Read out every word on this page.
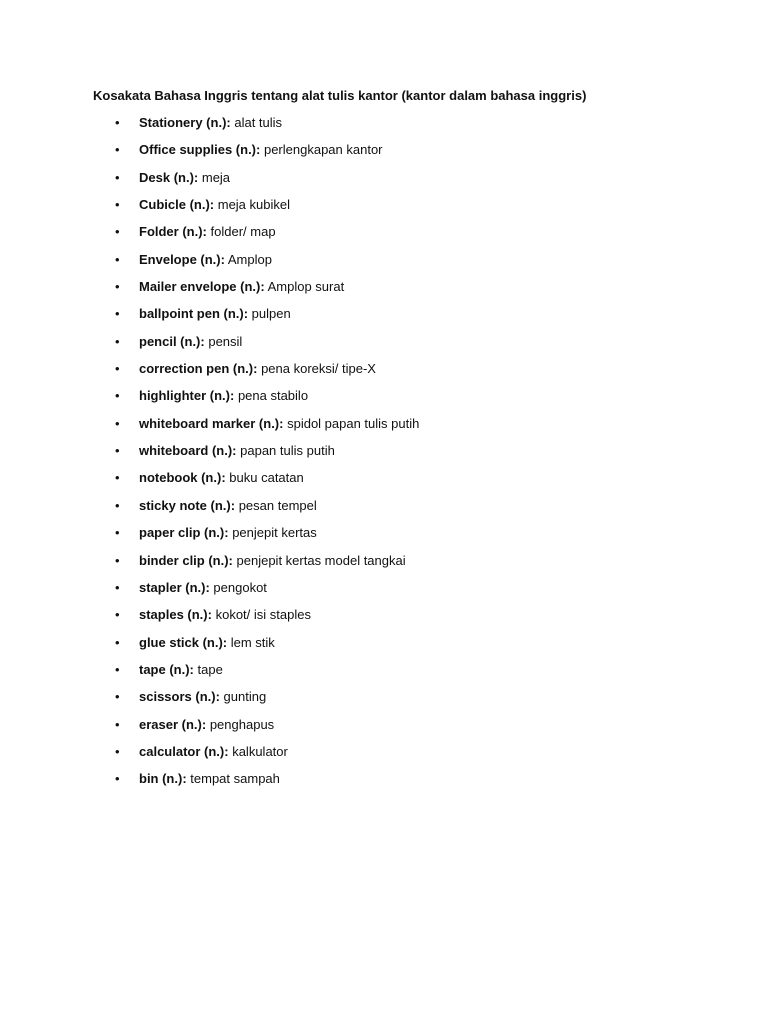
Kosakata Bahasa Inggris tentang alat tulis kantor (kantor dalam bahasa inggris)

• Stationery (n.): alat tulis
• Office supplies (n.): perlengkapan kantor
• Desk (n.): meja
• Cubicle (n.): meja kubikel
• Folder (n.): folder/ map
• Envelope (n.): Amplop
• Mailer envelope (n.): Amplop surat
• ballpoint pen (n.): pulpen
• pencil (n.): pensil
• correction pen (n.): pena koreksi/ tipe-X
• highlighter (n.): pena stabilo
• whiteboard marker (n.): spidol papan tulis putih
• whiteboard (n.): papan tulis putih
• notebook (n.): buku catatan
• sticky note (n.): pesan tempel
• paper clip (n.): penjepit kertas
• binder clip (n.): penjepit kertas model tangkai
• stapler (n.): pengokot
• staples (n.): kokot/ isi staples
• glue stick (n.): lem stik
• tape (n.): tape
• scissors (n.): gunting
• eraser (n.): penghapus
• calculator (n.): kalkulator
• bin (n.): tempat sampah
